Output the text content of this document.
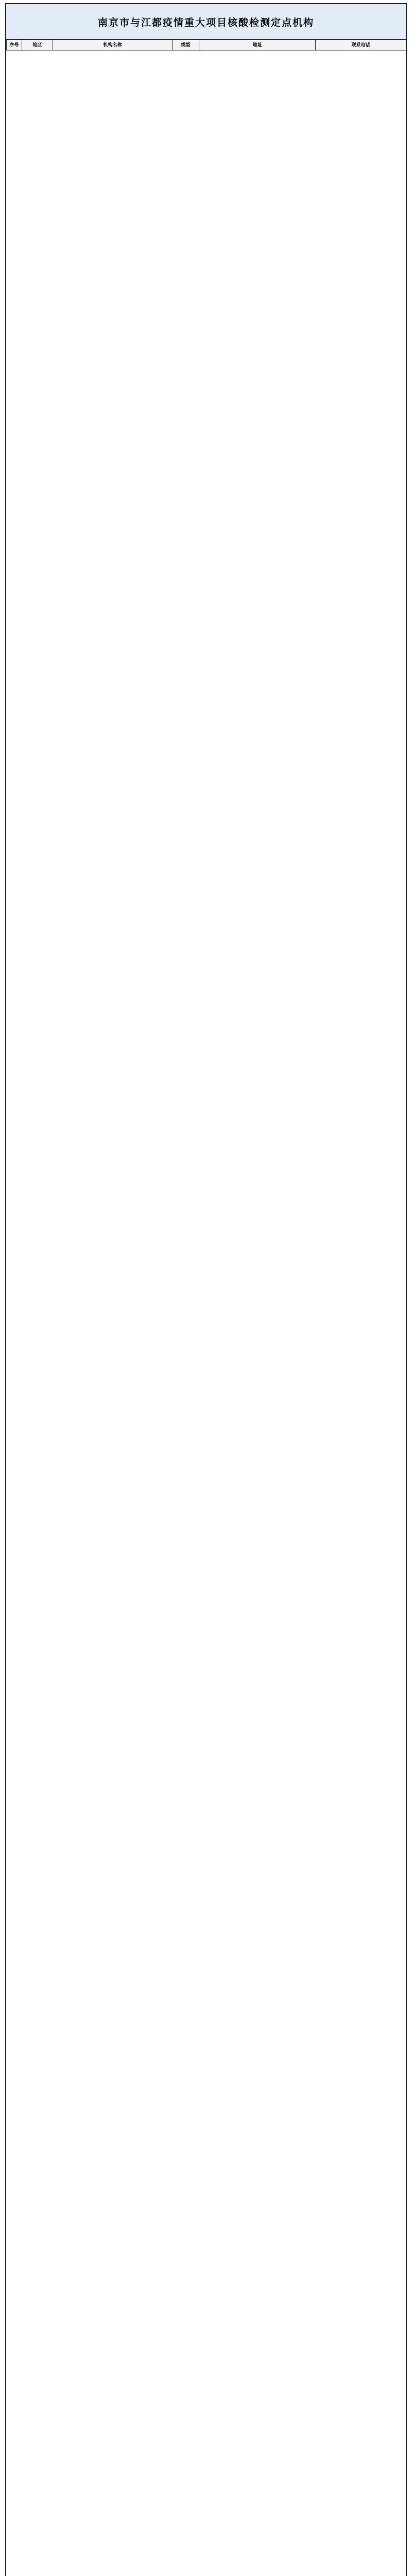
南京市与江都疫情重大项目核酸检测定点机构
序号	地区	机构名称	类型	地址	联系电话
